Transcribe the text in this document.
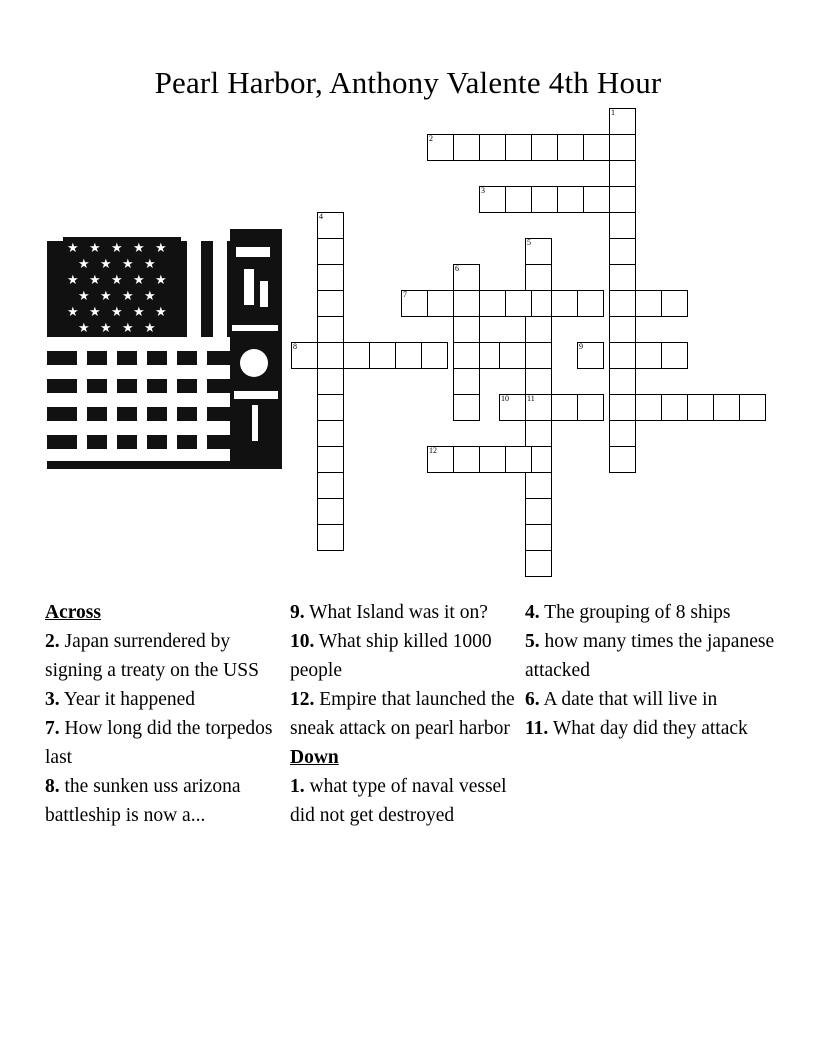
Pearl Harbor, Anthony Valente 4th Hour
★ ★ ★ ★ ★
★ ★ ★ ★
★ ★ ★ ★ ★
★ ★ ★ ★
★ ★ ★ ★ ★
★ ★ ★ ★
1
2
3
4
5
6
7
8	9
10 11
12
Across
2. Japan surrendered by signing a treaty on the USS
3. Year it happened
7. How long did the torpedos last
8. the sunken uss arizona battleship is now a...
9. What Island was it on?
10. What ship killed 1000 people
12. Empire that launched the sneak attack on pearl harbor

Down
1. what type of naval vessel did not get destroyed
4. The grouping of 8 ships
5. how many times the japanese attacked
6. A date that will live in
11. What day did they attack
